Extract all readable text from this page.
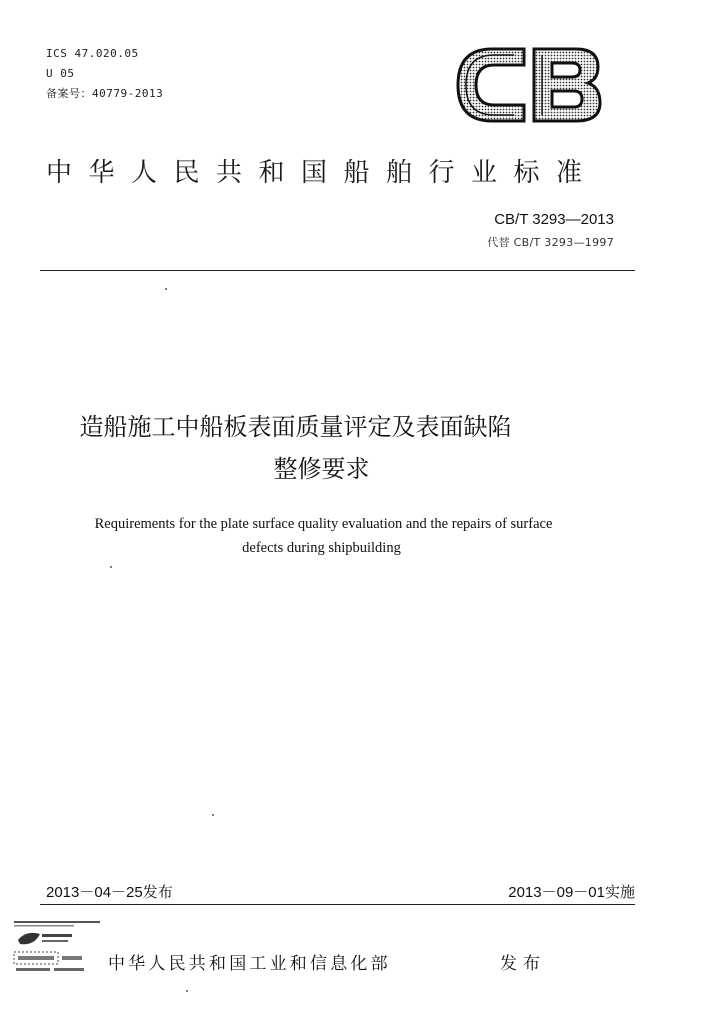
ICS 47.020.05
U 05
备案号：40779-2013
中华人民共和国船舶行业标准
CB/T 3293—2013
代替 CB/T 3293—1997
造船施工中船板表面质量评定及表面缺陷
整修要求
Requirements for the plate surface quality evaluation and the repairs of surface
defects during shipbuilding
2013－04－25发布	2013－09－01实施
中华人民共和国工业和信息化部	发布
